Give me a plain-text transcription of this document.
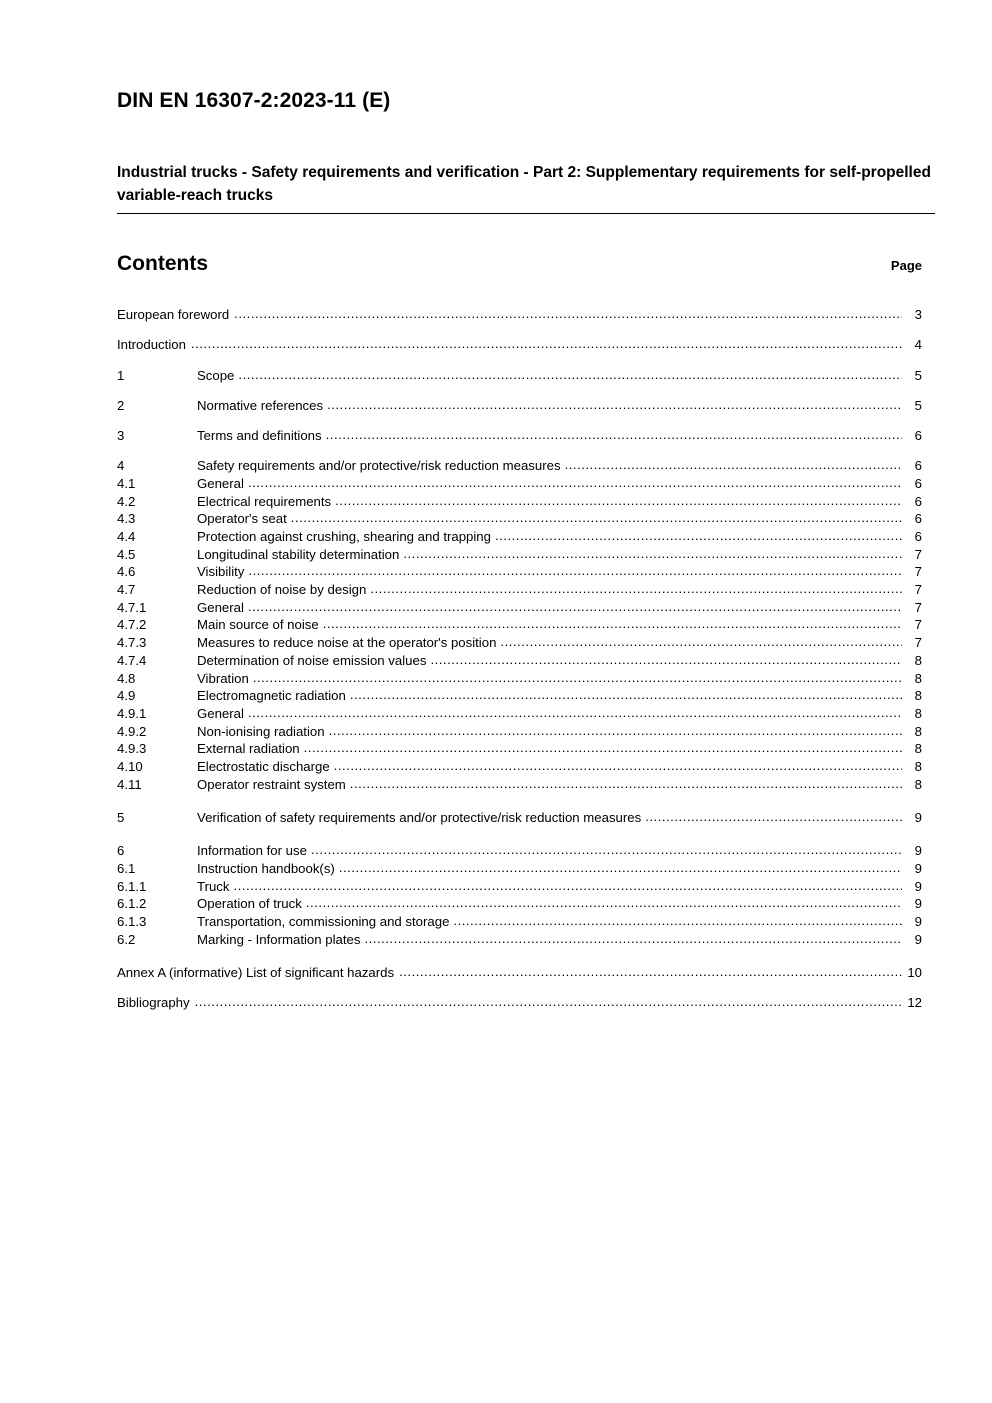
DIN EN 16307-2:2023-11 (E)
Industrial trucks - Safety requirements and verification - Part 2: Supplementary requirements for self-propelled variable-reach trucks
Contents	Page
European foreword .....	3
Introduction .....	4
1	Scope .....	5
2	Normative references .....	5
3	Terms and definitions .....	6
4	Safety requirements and/or protective/risk reduction measures .....	6
4.1	General .....	6
4.2	Electrical requirements .....	6
4.3	Operator's seat .....	6
4.4	Protection against crushing, shearing and trapping .....	6
4.5	Longitudinal stability determination .....	7
4.6	Visibility .....	7
4.7	Reduction of noise by design .....	7
4.7.1	General .....	7
4.7.2	Main source of noise .....	7
4.7.3	Measures to reduce noise at the operator's position .....	7
4.7.4	Determination of noise emission values .....	8
4.8	Vibration .....	8
4.9	Electromagnetic radiation .....	8
4.9.1	General .....	8
4.9.2	Non-ionising radiation .....	8
4.9.3	External radiation .....	8
4.10	Electrostatic discharge .....	8
4.11	Operator restraint system .....	8
5	Verification of safety requirements and/or protective/risk reduction measures .....	9
6	Information for use .....	9
6.1	Instruction handbook(s) .....	9
6.1.1	Truck .....	9
6.1.2	Operation of truck .....	9
6.1.3	Transportation, commissioning and storage .....	9
6.2	Marking - Information plates .....	9
Annex A (informative) List of significant hazards .....	10
Bibliography .....	12
